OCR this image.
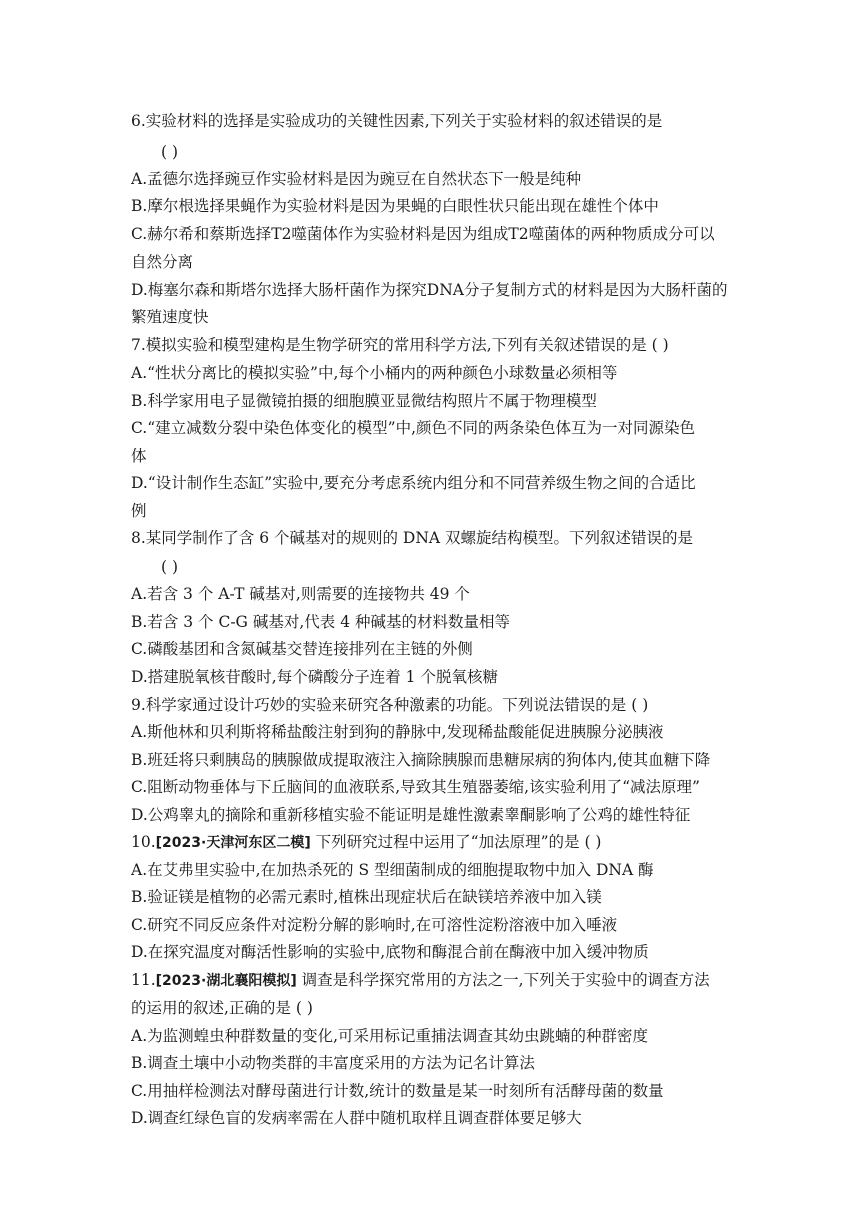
6.实验材料的选择是实验成功的关键性因素,下列关于实验材料的叙述错误的是
( )
A.孟德尔选择豌豆作实验材料是因为豌豆在自然状态下一般是纯种
B.摩尔根选择果蝇作为实验材料是因为果蝇的白眼性状只能出现在雄性个体中
C.赫尔希和蔡斯选择T2噬菌体作为实验材料是因为组成T2噬菌体的两种物质成分可以
自然分离
D.梅塞尔森和斯塔尔选择大肠杆菌作为探究DNA分子复制方式的材料是因为大肠杆菌的
繁殖速度快
7.模拟实验和模型建构是生物学研究的常用科学方法,下列有关叙述错误的是 ( )
A.“性状分离比的模拟实验”中,每个小桶内的两种颜色小球数量必须相等
B.科学家用电子显微镜拍摄的细胞膜亚显微结构照片不属于物理模型
C.“建立减数分裂中染色体变化的模型”中,颜色不同的两条染色体互为一对同源染色
体
D.“设计制作生态缸”实验中,要充分考虑系统内组分和不同营养级生物之间的合适比
例
8.某同学制作了含 6 个碱基对的规则的 DNA 双螺旋结构模型。下列叙述错误的是
( )
A.若含 3 个 A-T 碱基对,则需要的连接物共 49 个
B.若含 3 个 C-G 碱基对,代表 4 种碱基的材料数量相等
C.磷酸基团和含氮碱基交替连接排列在主链的外侧
D.搭建脱氧核苷酸时,每个磷酸分子连着 1 个脱氧核糖
9.科学家通过设计巧妙的实验来研究各种激素的功能。下列说法错误的是 ( )
A.斯他林和贝利斯将稀盐酸注射到狗的静脉中,发现稀盐酸能促进胰腺分泌胰液
B.班廷将只剩胰岛的胰腺做成提取液注入摘除胰腺而患糖尿病的狗体内,使其血糖下降
C.阻断动物垂体与下丘脑间的血液联系,导致其生殖器萎缩,该实验利用了“减法原理”
D.公鸡睾丸的摘除和重新移植实验不能证明是雄性激素睾酮影响了公鸡的雄性特征
10.[2023·天津河东区二模] 下列研究过程中运用了“加法原理”的是 ( )
A.在艾弗里实验中,在加热杀死的 S 型细菌制成的细胞提取物中加入 DNA 酶
B.验证镁是植物的必需元素时,植株出现症状后在缺镁培养液中加入镁
C.研究不同反应条件对淀粉分解的影响时,在可溶性淀粉溶液中加入唾液
D.在探究温度对酶活性影响的实验中,底物和酶混合前在酶液中加入缓冲物质
11.[2023·湖北襄阳模拟] 调查是科学探究常用的方法之一,下列关于实验中的调查方法
的运用的叙述,正确的是 ( )
A.为监测蝗虫种群数量的变化,可采用标记重捕法调查其幼虫跳蝻的种群密度
B.调查土壤中小动物类群的丰富度采用的方法为记名计算法
C.用抽样检测法对酵母菌进行计数,统计的数量是某一时刻所有活酵母菌的数量
D.调查红绿色盲的发病率需在人群中随机取样且调查群体要足够大
